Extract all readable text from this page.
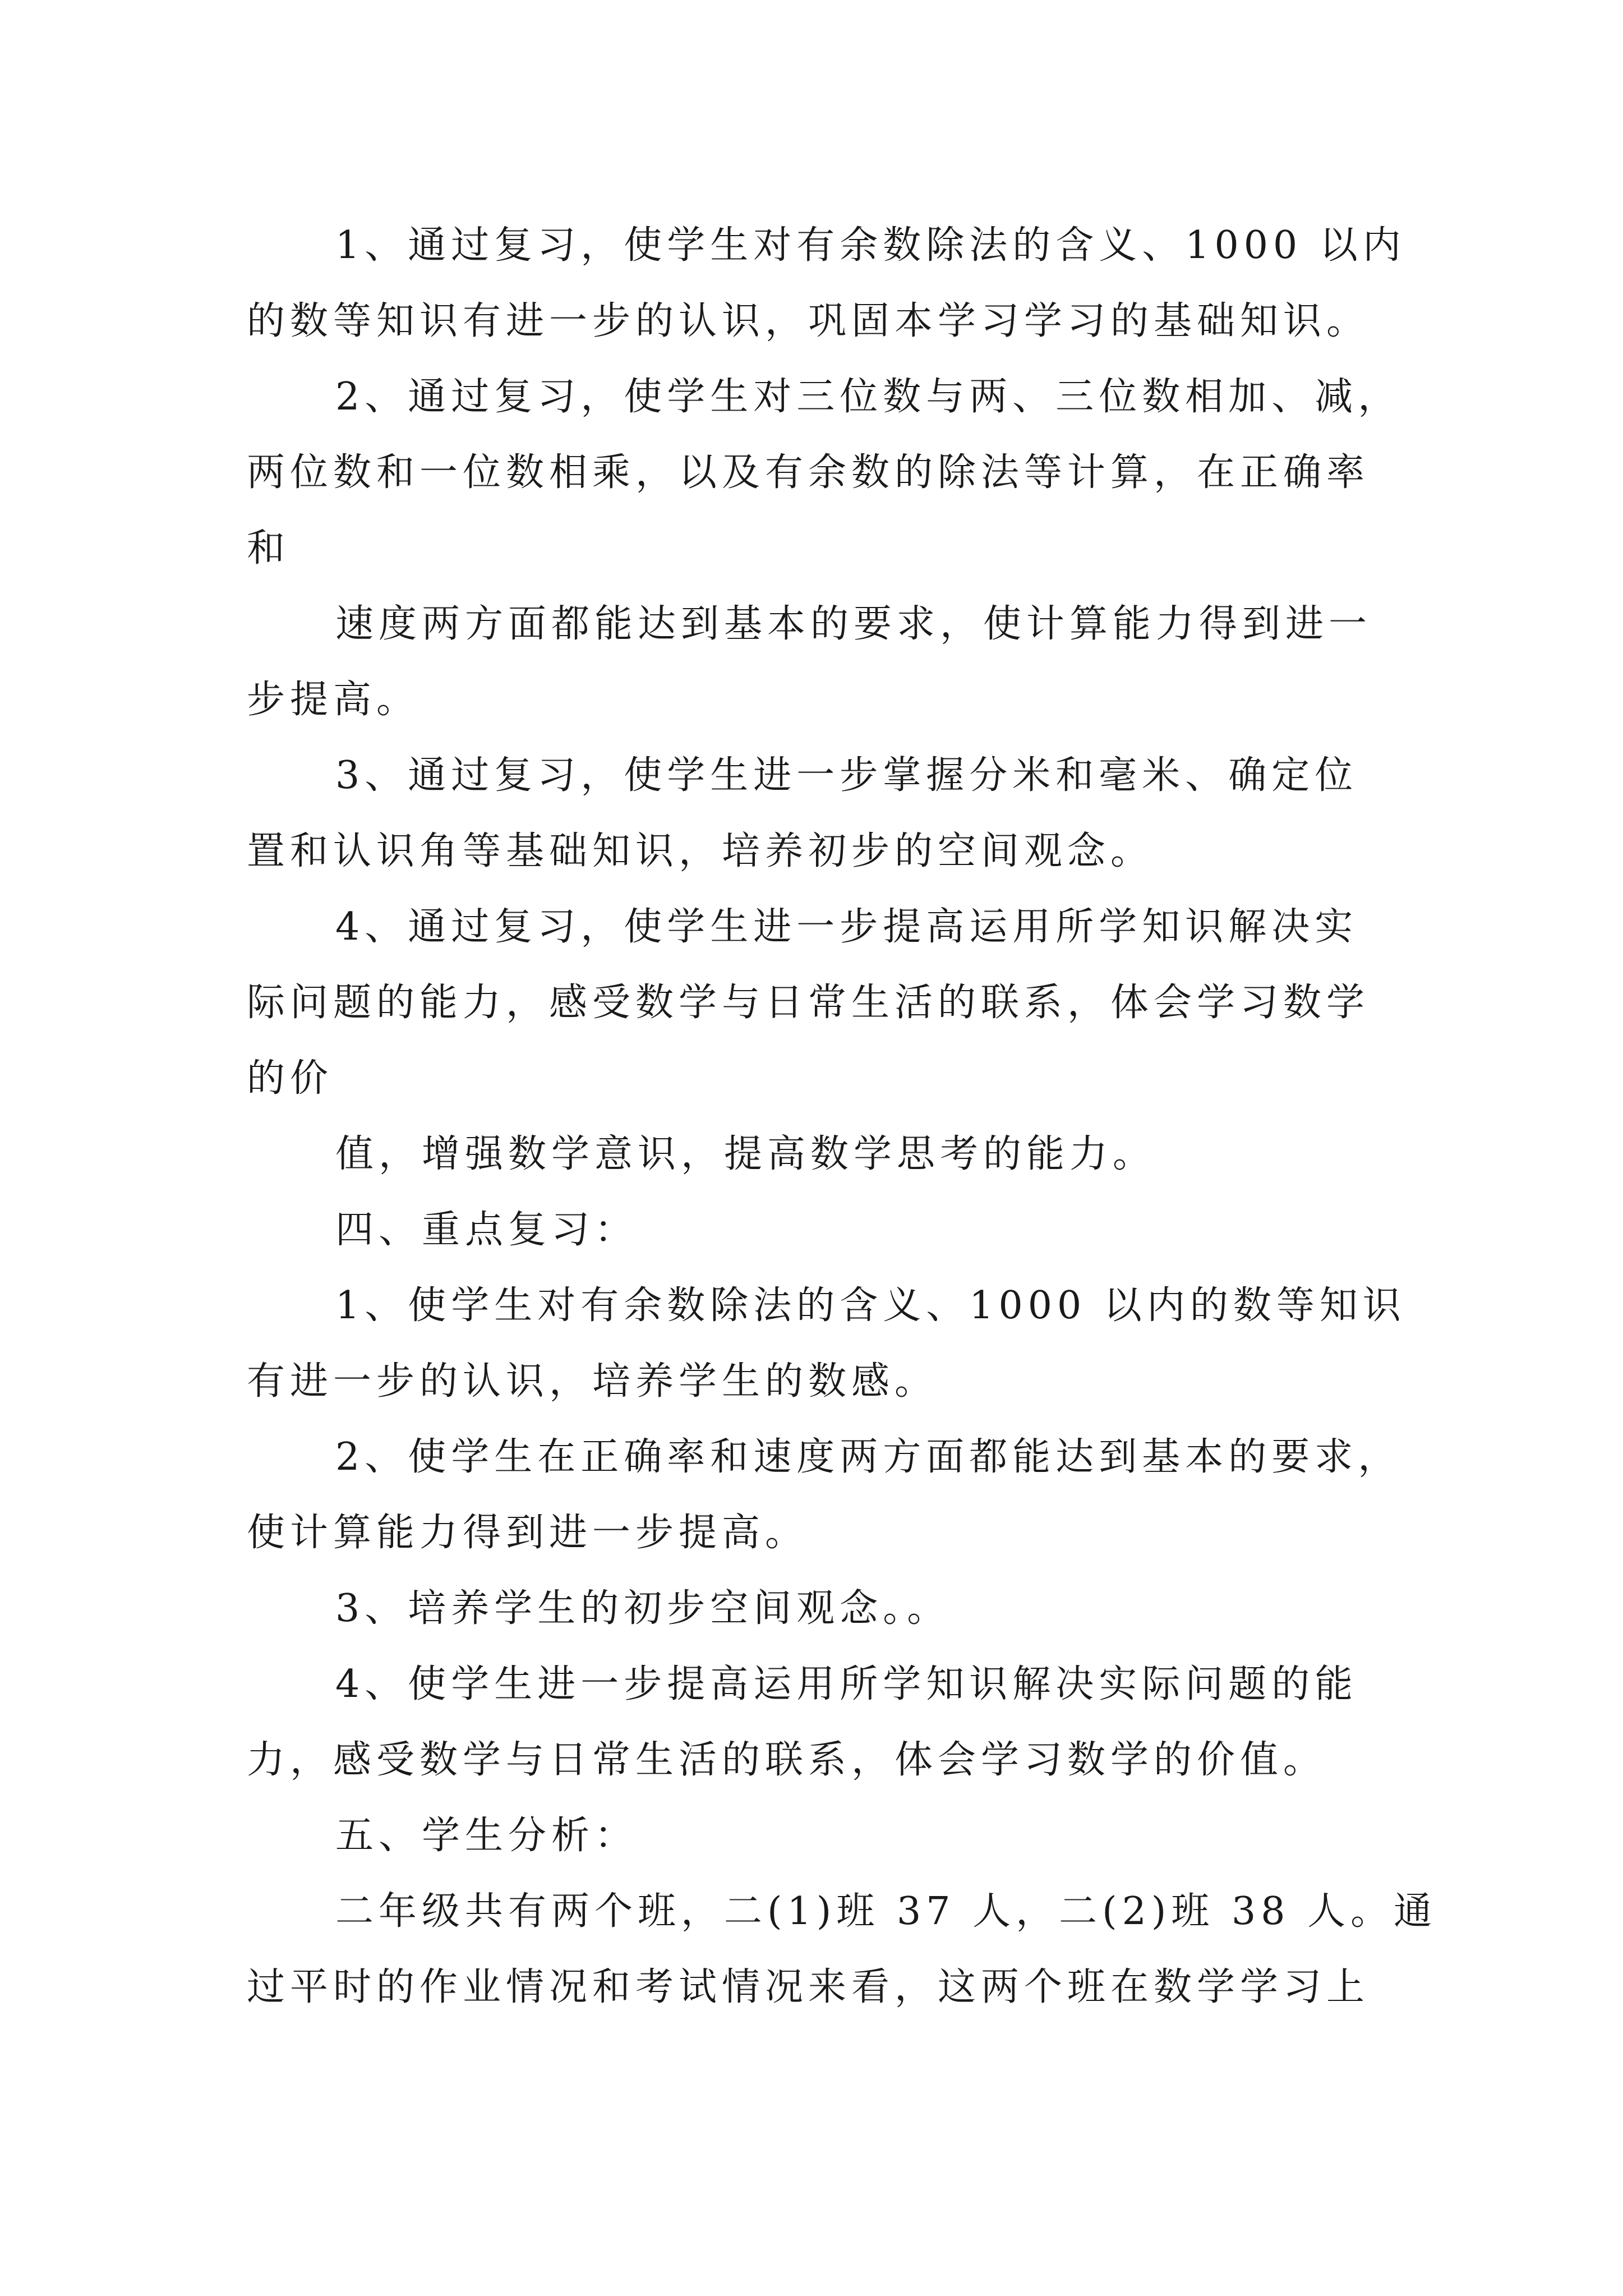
1、通过复习，使学生对有余数除法的含义、1000 以内
的数等知识有进一步的认识，巩固本学习学习的基础知识。
2、通过复习，使学生对三位数与两、三位数相加、减，
两位数和一位数相乘，以及有余数的除法等计算，在正确率
和
速度两方面都能达到基本的要求，使计算能力得到进一
步提高。
3、通过复习，使学生进一步掌握分米和毫米、确定位
置和认识角等基础知识，培养初步的空间观念。
4、通过复习，使学生进一步提高运用所学知识解决实
际问题的能力，感受数学与日常生活的联系，体会学习数学
的价
值，增强数学意识，提高数学思考的能力。
四、重点复习：
1、使学生对有余数除法的含义、1000 以内的数等知识
有进一步的认识，培养学生的数感。
2、使学生在正确率和速度两方面都能达到基本的要求，
使计算能力得到进一步提高。
3、培养学生的初步空间观念。。
4、使学生进一步提高运用所学知识解决实际问题的能
力，感受数学与日常生活的联系，体会学习数学的价值。
五、学生分析：
二年级共有两个班，二(1)班 37 人，二(2)班 38 人。通
过平时的作业情况和考试情况来看，这两个班在数学学习上
